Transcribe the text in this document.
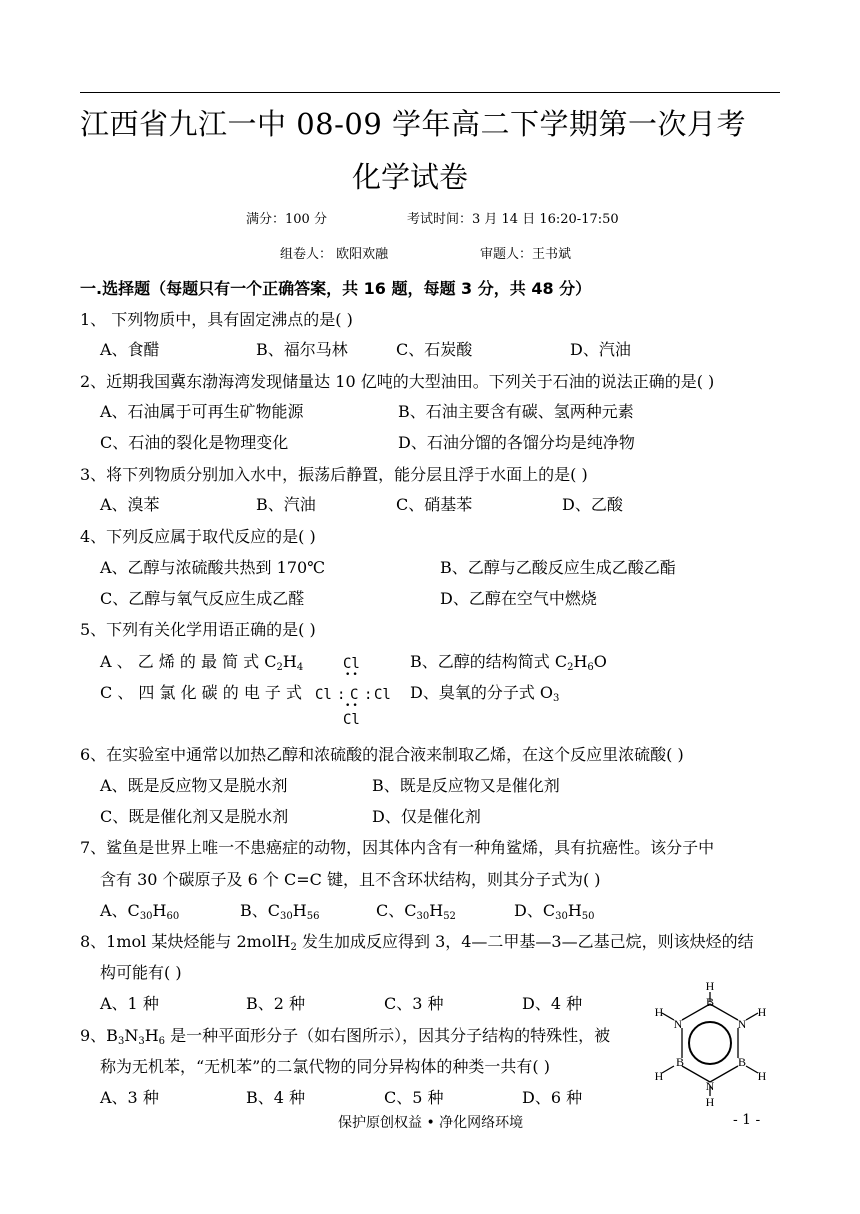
江西省九江一中 08-09 学年高二下学期第一次月考
化学试卷
满分：100 分	考试时间：3 月 14 日 16:20-17:50
组卷人： 欧阳欢融	审题人：王书斌
一.选择题（每题只有一个正确答案，共 16 题，每题 3 分，共 48 分）
1、 下列物质中，具有固定沸点的是( )
A、食醋	B、福尔马林	C、石炭酸	D、汽油
2、近期我国冀东渤海湾发现储量达 10 亿吨的大型油田。下列关于石油的说法正确的是( )
A、石油属于可再生矿物能源	B、石油主要含有碳、氢两种元素
C、石油的裂化是物理变化	D、石油分馏的各馏分均是纯净物
3、将下列物质分别加入水中，振荡后静置，能分层且浮于水面上的是( )
A、溴苯	B、汽油	C、硝基苯	D、乙酸
4、下列反应属于取代反应的是( )
A、乙醇与浓硫酸共热到 170℃	B、乙醇与乙酸反应生成乙酸乙酯
C、乙醇与氧气反应生成乙醛	D、乙醇在空气中燃烧
5、下列有关化学用语正确的是( )
A 、 乙 烯 的 最 简 式 $C_2H_4$	B、乙醇的结构简式 $C_2H_6O$
C 、 四 氯 化 碳 的 电 子 式
Cl
••
Cl : C : Cl
••
Cl
D、臭氧的分子式 $O_3$
6、在实验室中通常以加热乙醇和浓硫酸的混合液来制取乙烯，在这个反应里浓硫酸( )
A、既是反应物又是脱水剂	B、既是反应物又是催化剂
C、既是催化剂又是脱水剂	D、仅是催化剂
7、鲨鱼是世界上唯一不患癌症的动物，因其体内含有一种角鲨烯，具有抗癌性。该分子中
含有 30 个碳原子及 6 个 C=C 键，且不含环状结构，则其分子式为( )
A、$C_{30}H_{60}$	B、$C_{30}H_{56}$	C、$C_{30}H_{52}$	D、$C_{30}H_{50}$
8、1mol 某炔烃能与 2molH$_2$ 发生加成反应得到 3，4—二甲基—3—乙基己烷，则该炔烃的结
构可能有( )
A、1 种	B、2 种	C、3 种	D、4 种
9、$B_3N_3H_6$ 是一种平面形分子（如右图所示），因其分子结构的特殊性，被
称为无机苯，“无机苯”的二氯代物的同分异构体的种类一共有( )
A、3 种	B、4 种	C、5 种	D、6 种
H
B
N
H
B
H
N
H
B
H
N
H
保护原创权益 • 净化网络环境	- 1 -
